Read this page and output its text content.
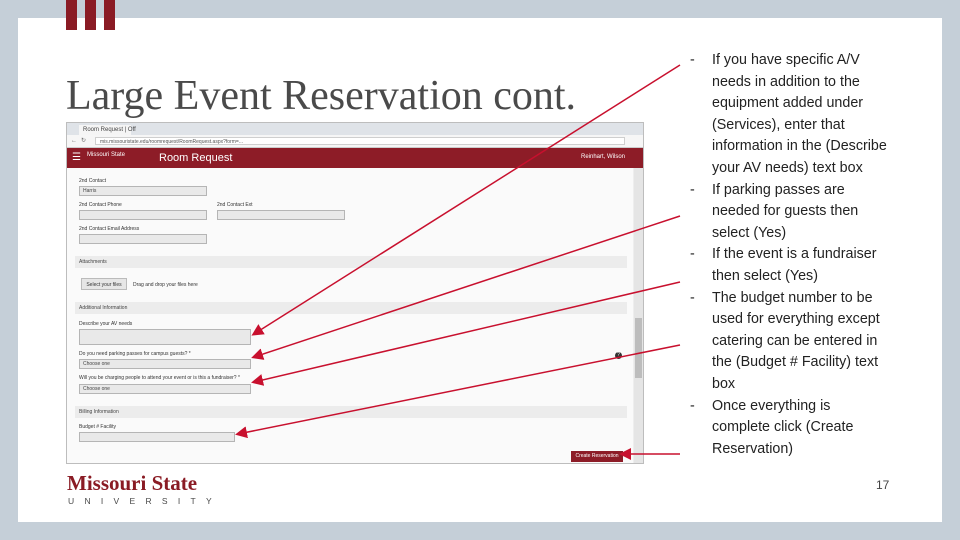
Large Event Reservation cont.
Room Request | Off
← ↻	mis.missouristate.edu/roomrequest/RoomRequest.aspx?form=...
☰ Missouri State	Room Request	Reinhart, Wilson
2nd Contact
Harris
2nd Contact Phone	2nd Contact Ext
2nd Contact Email Address
Attachments
Select your files	Drag and drop your files here
Additional Information
?
Describe your AV needs
Do you need parking passes for campus guests? *
Choose one
Will you be charging people to attend your event or is this a fundraiser? *
Choose one
Billing Information
Budget # Facility
Create Reservation
Missouri State
UNIVERSITY
- If you have specific A/V needs in addition to the equipment added under (Services), enter that information in the (Describe your AV needs) text box
- If parking passes are needed for guests then select (Yes)
- If the event is a fundraiser then select (Yes)
- The budget number to be used for everything except catering can be entered in the (Budget # Facility) text box
- Once everything is complete click (Create Reservation)
17
